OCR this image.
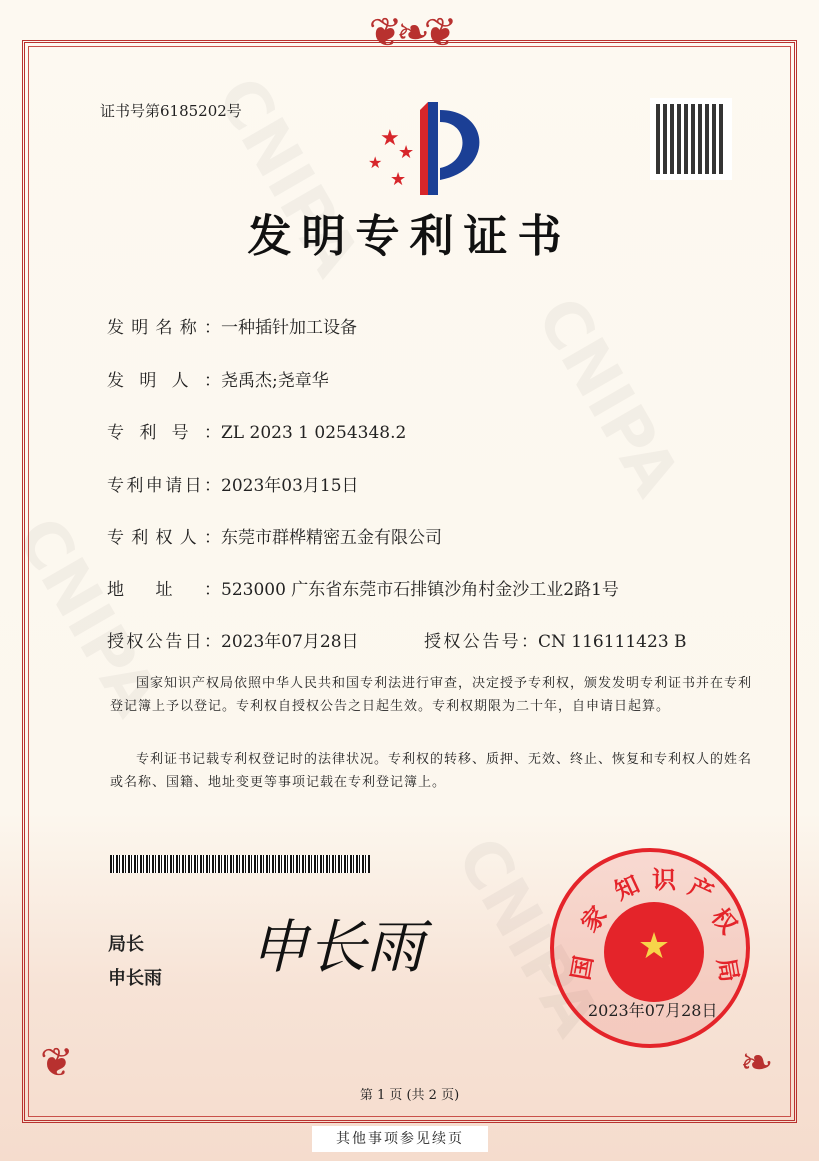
❦❧❦
❦	❧
证书号第6185202号
★
★
★
★
发明专利证书
发明名称：一种插针加工设备
发明人：尧禹杰;尧章华
专利号：ZL 2023 1 0254348.2
专利申请日：2023年03月15日
专利权人：东莞市群桦精密五金有限公司
地址：523000 广东省东莞市石排镇沙角村金沙工业2路1号
授权公告日：2023年07月28日	授权公告号：CN 116111423 B
国家知识产权局依照中华人民共和国专利法进行审查，决定授予专利权，颁发发明专利证书并在专利登记簿上予以登记。专利权自授权公告之日起生效。专利权期限为二十年，自申请日起算。
专利证书记载专利权登记时的法律状况。专利权的转移、质押、无效、终止、恢复和专利权人的姓名或名称、国籍、地址变更等事项记载在专利登记簿上。
局长
申长雨 申长雨	国
家
知 识 产
权
局
★
2023年07月28日
第 1 页 (共 2 页)
其他事项参见续页
